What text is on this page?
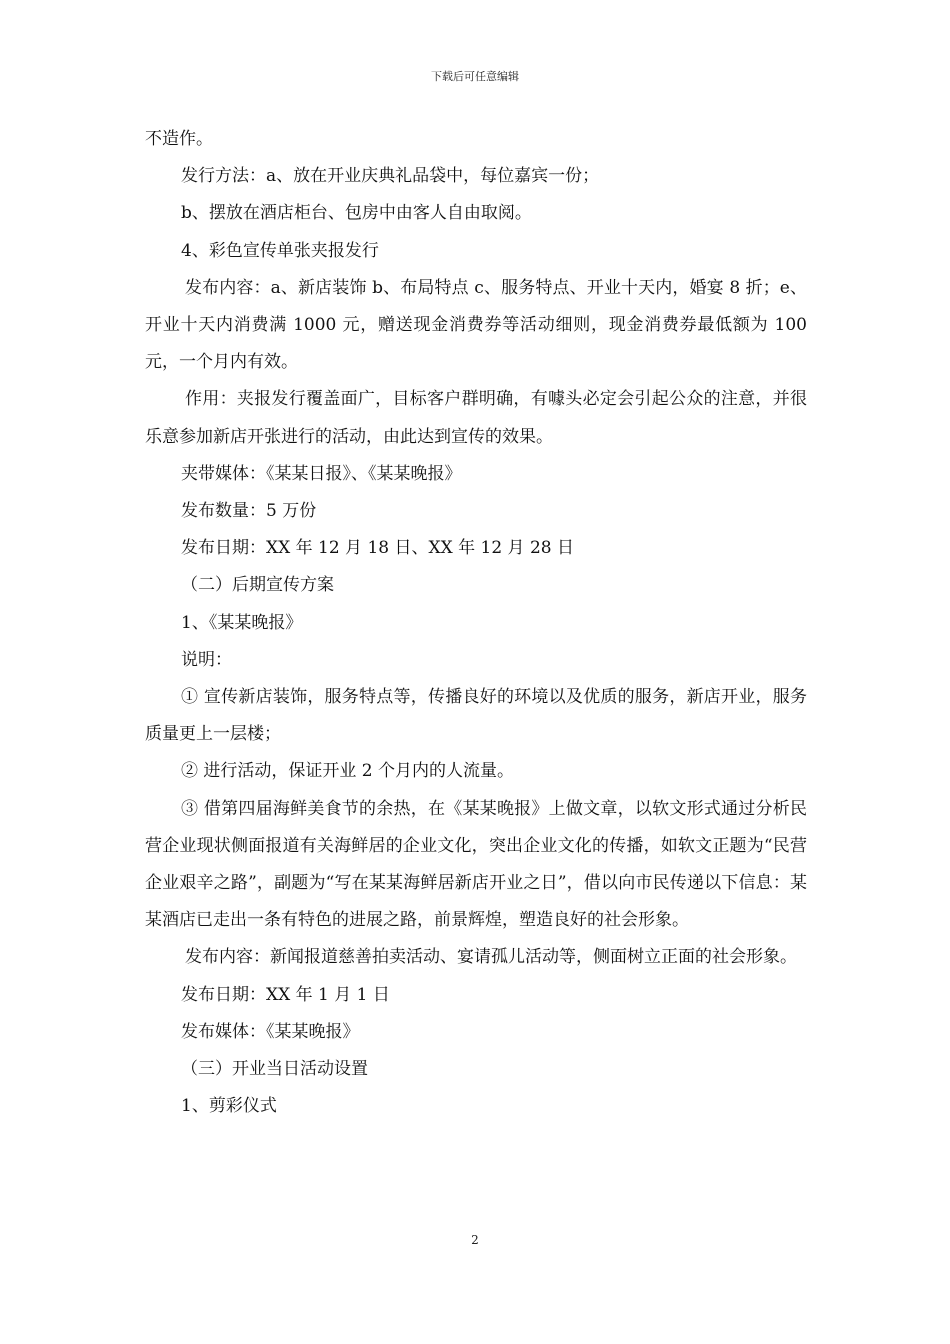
下载后可任意编辑

不造作。

发行方法：a、放在开业庆典礼品袋中，每位嘉宾一份；

b、摆放在酒店柜台、包房中由客人自由取阅。

4、彩色宣传单张夹报发行

发布内容：a、新店装饰 b、布局特点 c、服务特点、开业十天内，婚宴 8 折；e、开业十天内消费满 1000 元，赠送现金消费券等活动细则，现金消费券最低额为 100 元，一个月内有效。

作用：夹报发行覆盖面广，目标客户群明确，有噱头必定会引起公众的注意，并很乐意参加新店开张进行的活动，由此达到宣传的效果。

夹带媒体：《某某日报》、《某某晚报》

发布数量：5 万份

发布日期：XX 年 12 月 18 日、XX 年 12 月 28 日

（二）后期宣传方案

1、《某某晚报》

说明：

① 宣传新店装饰，服务特点等，传播良好的环境以及优质的服务，新店开业，服务质量更上一层楼；

② 进行活动，保证开业 2 个月内的人流量。

③ 借第四届海鲜美食节的余热，在《某某晚报》上做文章，以软文形式通过分析民营企业现状侧面报道有关海鲜居的企业文化，突出企业文化的传播，如软文正题为“民营企业艰辛之路”，副题为“写在某某海鲜居新店开业之日”，借以向市民传递以下信息：某某酒店已走出一条有特色的进展之路，前景辉煌，塑造良好的社会形象。

发布内容：新闻报道慈善拍卖活动、宴请孤儿活动等，侧面树立正面的社会形象。

发布日期：XX 年 1 月 1 日

发布媒体：《某某晚报》

（三）开业当日活动设置

1、剪彩仪式

2
